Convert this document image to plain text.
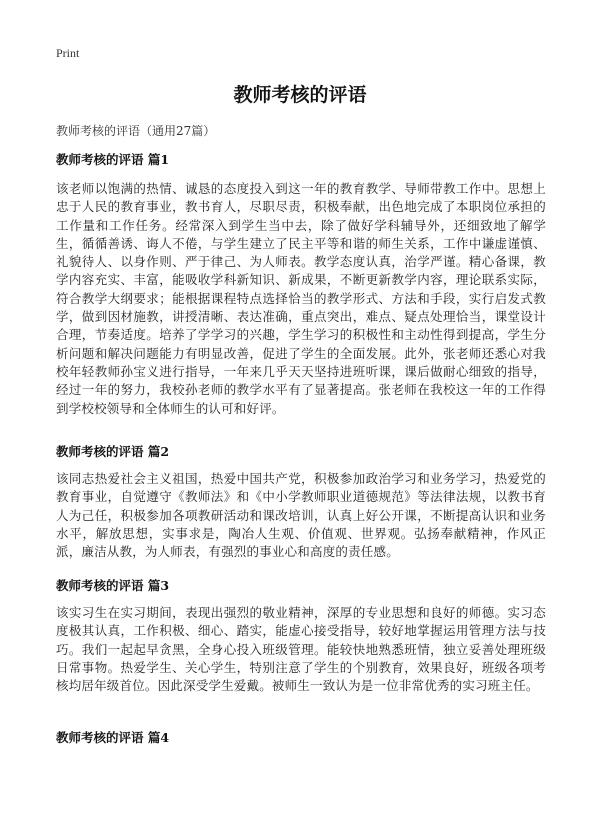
Print
教师考核的评语

教师考核的评语（通用27篇）

教师考核的评语 篇1

该老师以饱满的热情、诚恳的态度投入到这一年的教育教学、导师带教工作中。思想上忠于人民的教育事业，教书育人，尽职尽责，积极奉献，出色地完成了本职岗位承担的工作量和工作任务。经常深入到学生当中去，除了做好学科辅导外，还细致地了解学生，循循善诱、诲人不倦，与学生建立了民主平等和谐的师生关系，工作中谦虚谨慎、礼貌待人、以身作则、严于律己、为人师表。教学态度认真，治学严谨。精心备课，教学内容充实、丰富，能吸收学科新知识、新成果，不断更新教学内容，理论联系实际，符合教学大纲要求；能根据课程特点选择恰当的教学形式、方法和手段，实行启发式教学，做到因材施教，讲授清晰、表达准确，重点突出，难点、疑点处理恰当，课堂设计合理，节奏适度。培养了学学习的兴趣，学生学习的积极性和主动性得到提高，学生分析问题和解决问题能力有明显改善，促进了学生的全面发展。此外，张老师还悉心对我校年轻教师孙宝义进行指导，一年来几乎天天坚持进班听课，课后做耐心细致的指导，经过一年的努力，我校孙老师的教学水平有了显著提高。张老师在我校这一年的工作得到学校校领导和全体师生的认可和好评。

教师考核的评语 篇2

该同志热爱社会主义祖国，热爱中国共产党，积极参加政治学习和业务学习，热爱党的教育事业，自觉遵守《教师法》和《中小学教师职业道德规范》等法律法规，以教书育人为己任，积极参加各项教研活动和课改培训，认真上好公开课，不断提高认识和业务水平，解放思想，实事求是，陶冶人生观、价值观、世界观。弘扬奉献精神，作风正派，廉洁从教，为人师表，有强烈的事业心和高度的责任感。

教师考核的评语 篇3

该实习生在实习期间，表现出强烈的敬业精神，深厚的专业思想和良好的师德。实习态度极其认真，工作积极、细心、踏实，能虚心接受指导，较好地掌握运用管理方法与技巧。我们一起起早贪黑，全身心投入班级管理。能较快地熟悉班情，独立妥善处理班级日常事物。热爱学生、关心学生，特别注意了学生的个别教育，效果良好，班级各项考核均居年级首位。因此深受学生爱戴。被师生一致认为是一位非常优秀的实习班主任。

教师考核的评语 篇4
